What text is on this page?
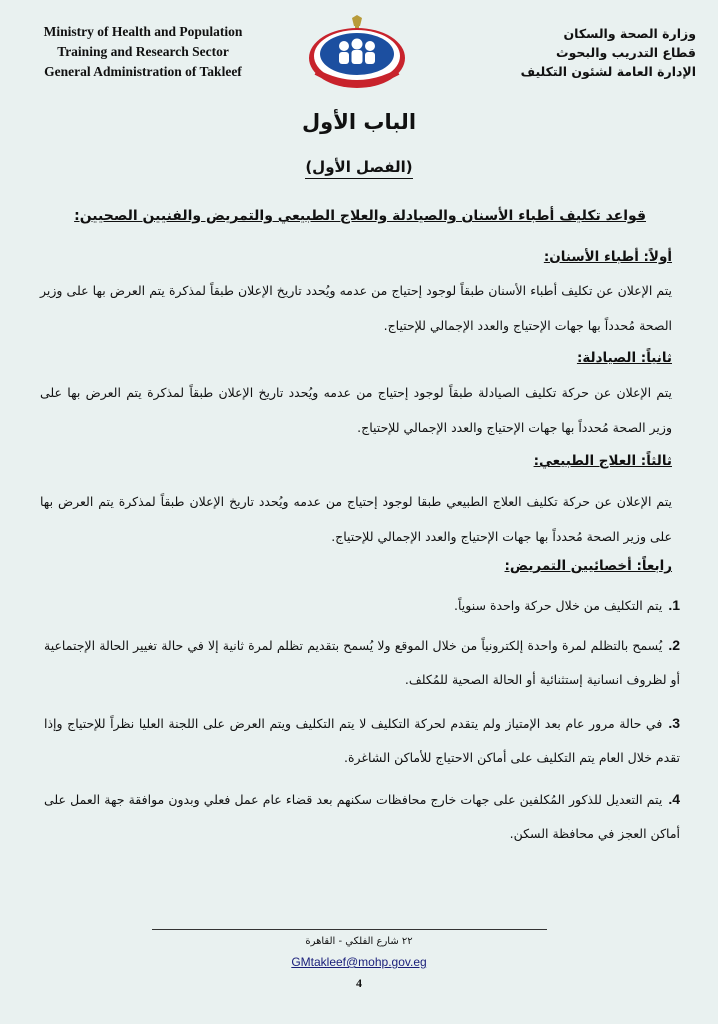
Ministry of Health and Population
Training and Research Sector
General Administration of Takleef
وزارة الصحة والسكان
قطاع التدريب والبحوث
الإدارة العامة لشئون التكليف
الباب الأول
(الفصل الأول)
قواعد تكليف أطباء الأسنان والصيادلة والعلاج الطبيعي والتمريض والفنيين الصحيين:
أولاً: أطباء الأسنان:
يتم الإعلان عن تكليف أطباء الأسنان طبقاً لوجود إحتياج من عدمه ويُحدد تاريخ الإعلان طبقاً لمذكرة يتم العرض بها على وزير الصحة مُحدداً بها جهات الإحتياج والعدد الإجمالي للإحتياج.
ثانياً: الصيادلة:
يتم الإعلان عن حركة تكليف الصيادلة طبقاً لوجود إحتياج من عدمه ويُحدد تاريخ الإعلان طبقاً لمذكرة يتم العرض بها على وزير الصحة مُحدداً بها جهات الإحتياج والعدد الإجمالي للإحتياج.
ثالثاً: العلاج الطبيعي:
يتم الإعلان عن حركة تكليف العلاج الطبيعي طبقا لوجود إحتياج من عدمه ويُحدد تاريخ الإعلان طبقاً لمذكرة يتم العرض بها على وزير الصحة مُحدداً بها جهات الإحتياج والعدد الإجمالي للإحتياج.
رابعاً: أخصائيين التمريض:
1.يتم التكليف من خلال حركة واحدة سنوياً.
2.يُسمح بالتظلم لمرة واحدة إلكترونياً من خلال الموقع ولا يُسمح بتقديم تظلم لمرة ثانية إلا في حالة تغيير الحالة الإجتماعية أو لظروف انسانية إستثنائية أو الحالة الصحية للمُكلف.
3.في حالة مرور عام بعد الإمتياز ولم يتقدم لحركة التكليف لا يتم التكليف ويتم العرض على اللجنة العليا نظراً للإحتياج وإذا تقدم خلال العام يتم التكليف على أماكن الاحتياج للأماكن الشاغرة.
4.يتم التعديل للذكور المُكلفين على جهات خارج محافظات سكنهم بعد قضاء عام عمل فعلي وبدون موافقة جهة العمل على أماكن العجز في محافظة السكن.
٢٢ شارع الفلكي - القاهرة
GMtakleef@mohp.gov.eg
4
